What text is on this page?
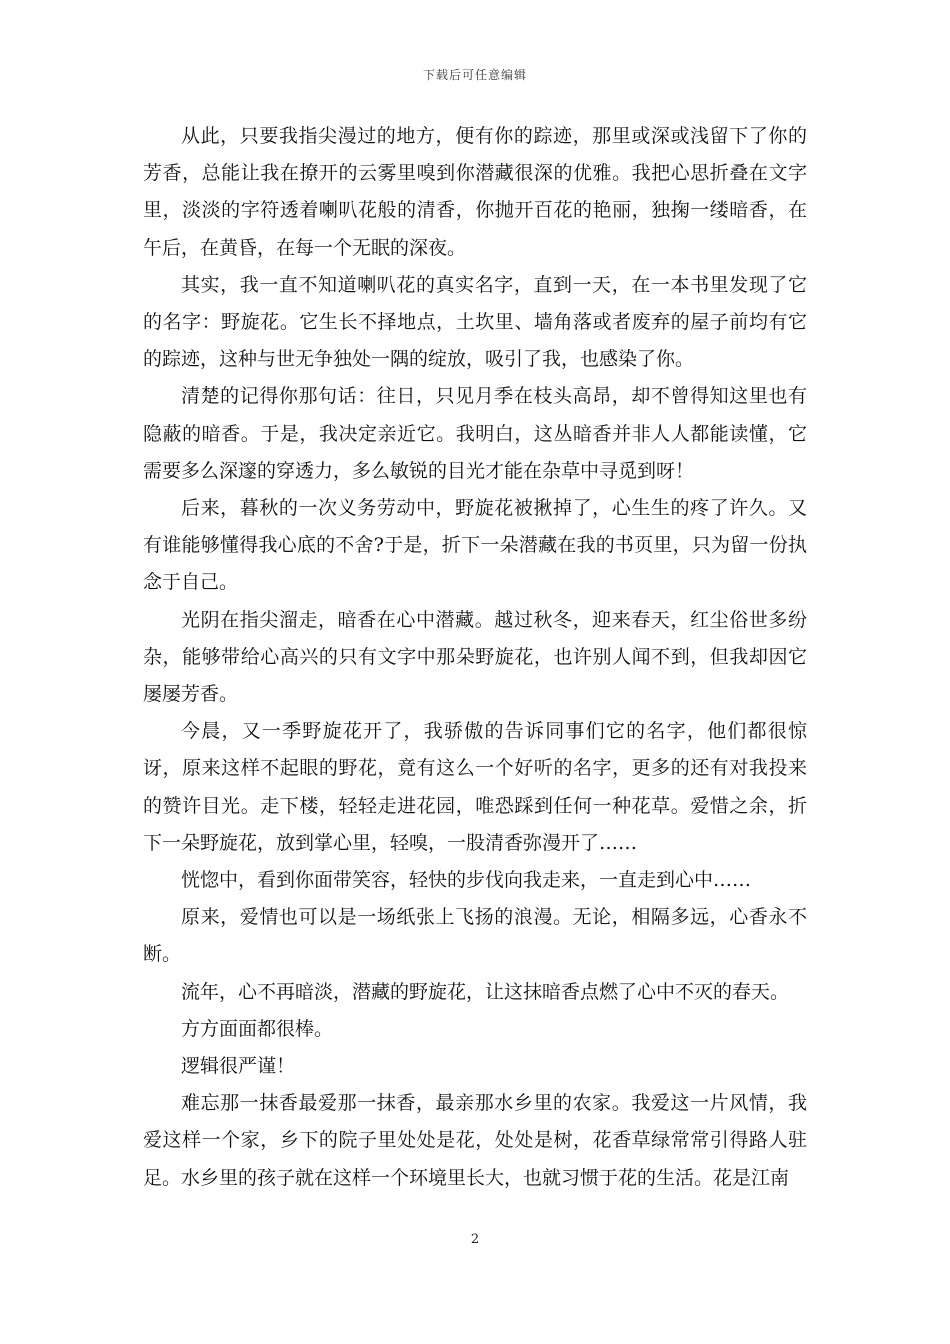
下载后可任意编辑

从此，只要我指尖漫过的地方，便有你的踪迹，那里或深或浅留下了你的芳香，总能让我在撩开的云雾里嗅到你潜藏很深的优雅。我把心思折叠在文字里，淡淡的字符透着喇叭花般的清香，你抛开百花的艳丽，独掬一缕暗香，在午后，在黄昏，在每一个无眠的深夜。

其实，我一直不知道喇叭花的真实名字，直到一天，在一本书里发现了它的名字：野旋花。它生长不择地点，土坎里、墙角落或者废弃的屋子前均有它的踪迹，这种与世无争独处一隅的绽放，吸引了我，也感染了你。

清楚的记得你那句话：往日，只见月季在枝头高昂，却不曾得知这里也有隐蔽的暗香。于是，我决定亲近它。我明白，这丛暗香并非人人都能读懂，它需要多么深邃的穿透力，多么敏锐的目光才能在杂草中寻觅到呀！

后来，暮秋的一次义务劳动中，野旋花被揪掉了，心生生的疼了许久。又有谁能够懂得我心底的不舍?于是，折下一朵潜藏在我的书页里，只为留一份执念于自己。

光阴在指尖溜走，暗香在心中潜藏。越过秋冬，迎来春天，红尘俗世多纷杂，能够带给心高兴的只有文字中那朵野旋花，也许别人闻不到，但我却因它屡屡芳香。

今晨，又一季野旋花开了，我骄傲的告诉同事们它的名字，他们都很惊讶，原来这样不起眼的野花，竟有这么一个好听的名字，更多的还有对我投来的赞许目光。走下楼，轻轻走进花园，唯恐踩到任何一种花草。爱惜之余，折下一朵野旋花，放到掌心里，轻嗅，一股清香弥漫开了……

恍惚中，看到你面带笑容，轻快的步伐向我走来，一直走到心中……

原来，爱情也可以是一场纸张上飞扬的浪漫。无论，相隔多远，心香永不断。

流年，心不再暗淡，潜藏的野旋花，让这抹暗香点燃了心中不灭的春天。

方方面面都很棒。

逻辑很严谨！

难忘那一抹香最爱那一抹香，最亲那水乡里的农家。我爱这一片风情，我爱这样一个家，乡下的院子里处处是花，处处是树，花香草绿常常引得路人驻足。水乡里的孩子就在这样一个环境里长大，也就习惯于花的生活。花是江南

2
